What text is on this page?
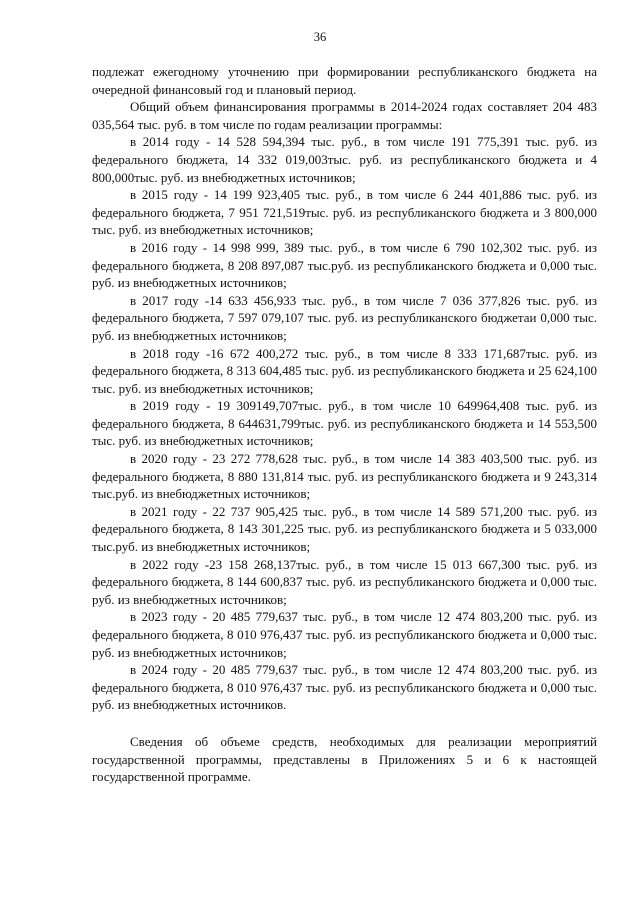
36

подлежат ежегодному уточнению при формировании республиканского бюджета на очередной финансовый год и плановый период.

Общий объем финансирования программы в 2014-2024 годах составляет 204 483 035,564 тыс. руб. в том числе по годам реализации программы:

в 2014 году - 14 528 594,394 тыс. руб., в том числе 191 775,391 тыс. руб. из федерального бюджета, 14 332 019,003тыс. руб. из республиканского бюджета и 4 800,000тыс. руб. из внебюджетных источников;

в 2015 году - 14 199 923,405 тыс. руб., в том числе 6 244 401,886 тыс. руб. из федерального бюджета, 7 951 721,519тыс. руб. из республиканского бюджета и 3 800,000 тыс. руб. из внебюджетных источников;

в 2016 году - 14 998 999, 389 тыс. руб., в том числе 6 790 102,302 тыс. руб. из федерального бюджета, 8 208 897,087 тыс.руб. из республиканского бюджета и 0,000 тыс. руб. из внебюджетных источников;

в 2017 году -14 633 456,933 тыс. руб., в том числе 7 036 377,826 тыс. руб. из федерального бюджета, 7 597 079,107 тыс. руб. из республиканского бюджетаи 0,000 тыс. руб. из внебюджетных источников;

в 2018 году -16 672 400,272 тыс. руб., в том числе 8 333 171,687тыс. руб. из федерального бюджета, 8 313 604,485 тыс. руб. из республиканского бюджета и 25 624,100 тыс. руб. из внебюджетных источников;

в 2019 году - 19 309149,707тыс. руб., в том числе 10 649964,408 тыс. руб. из федерального бюджета, 8 644631,799тыс. руб. из республиканского бюджета и 14 553,500 тыс. руб. из внебюджетных источников;

в 2020 году - 23 272 778,628 тыс. руб., в том числе 14 383 403,500 тыс. руб. из федерального бюджета, 8 880 131,814 тыс. руб. из республиканского бюджета и 9 243,314 тыс.руб. из внебюджетных источников;

в 2021 году - 22 737 905,425 тыс. руб., в том числе 14 589 571,200 тыс. руб. из федерального бюджета, 8 143 301,225 тыс. руб. из республиканского бюджета и 5 033,000 тыс.руб. из внебюджетных источников;

в 2022 году -23 158 268,137тыс. руб., в том числе 15 013 667,300 тыс. руб. из федерального бюджета, 8 144 600,837 тыс. руб. из республиканского бюджета и 0,000 тыс. руб. из внебюджетных источников;

в 2023 году - 20 485 779,637 тыс. руб., в том числе 12 474 803,200 тыс. руб. из федерального бюджета, 8 010 976,437 тыс. руб. из республиканского бюджета и 0,000 тыс. руб. из внебюджетных источников;

в 2024 году - 20 485 779,637 тыс. руб., в том числе 12 474 803,200 тыс. руб. из федерального бюджета, 8 010 976,437 тыс. руб. из республиканского бюджета и 0,000 тыс. руб. из внебюджетных источников.

Сведения об объеме средств, необходимых для реализации мероприятий государственной программы, представлены в Приложениях 5 и 6 к настоящей государственной программе.
